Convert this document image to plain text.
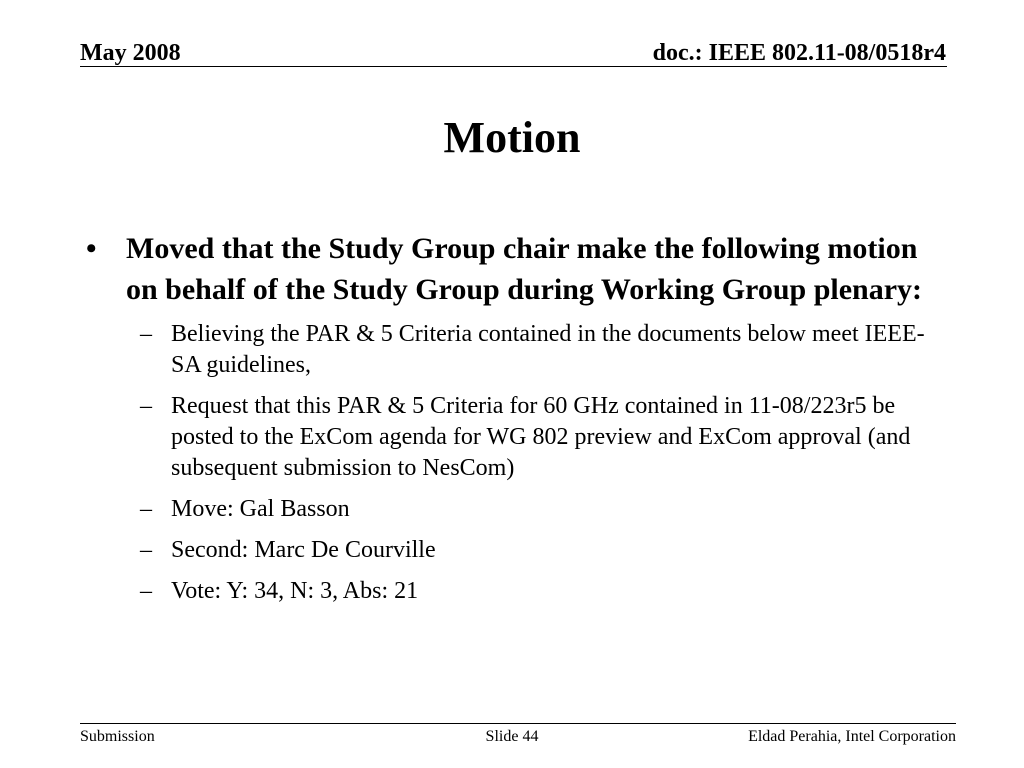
May 2008	doc.: IEEE 802.11-08/0518r4
Motion
• Moved that the Study Group chair make the following motion on behalf of the Study Group during Working Group plenary:
– Believing the PAR & 5 Criteria contained in the documents below meet IEEE-SA guidelines,
– Request that this PAR & 5 Criteria for 60 GHz contained in 11-08/223r5 be posted to the ExCom agenda for WG 802 preview and ExCom approval (and subsequent submission to NesCom)
– Move: Gal Basson
– Second: Marc De Courville
– Vote: Y: 34, N: 3, Abs: 21
Submission	Slide 44	Eldad Perahia, Intel Corporation
